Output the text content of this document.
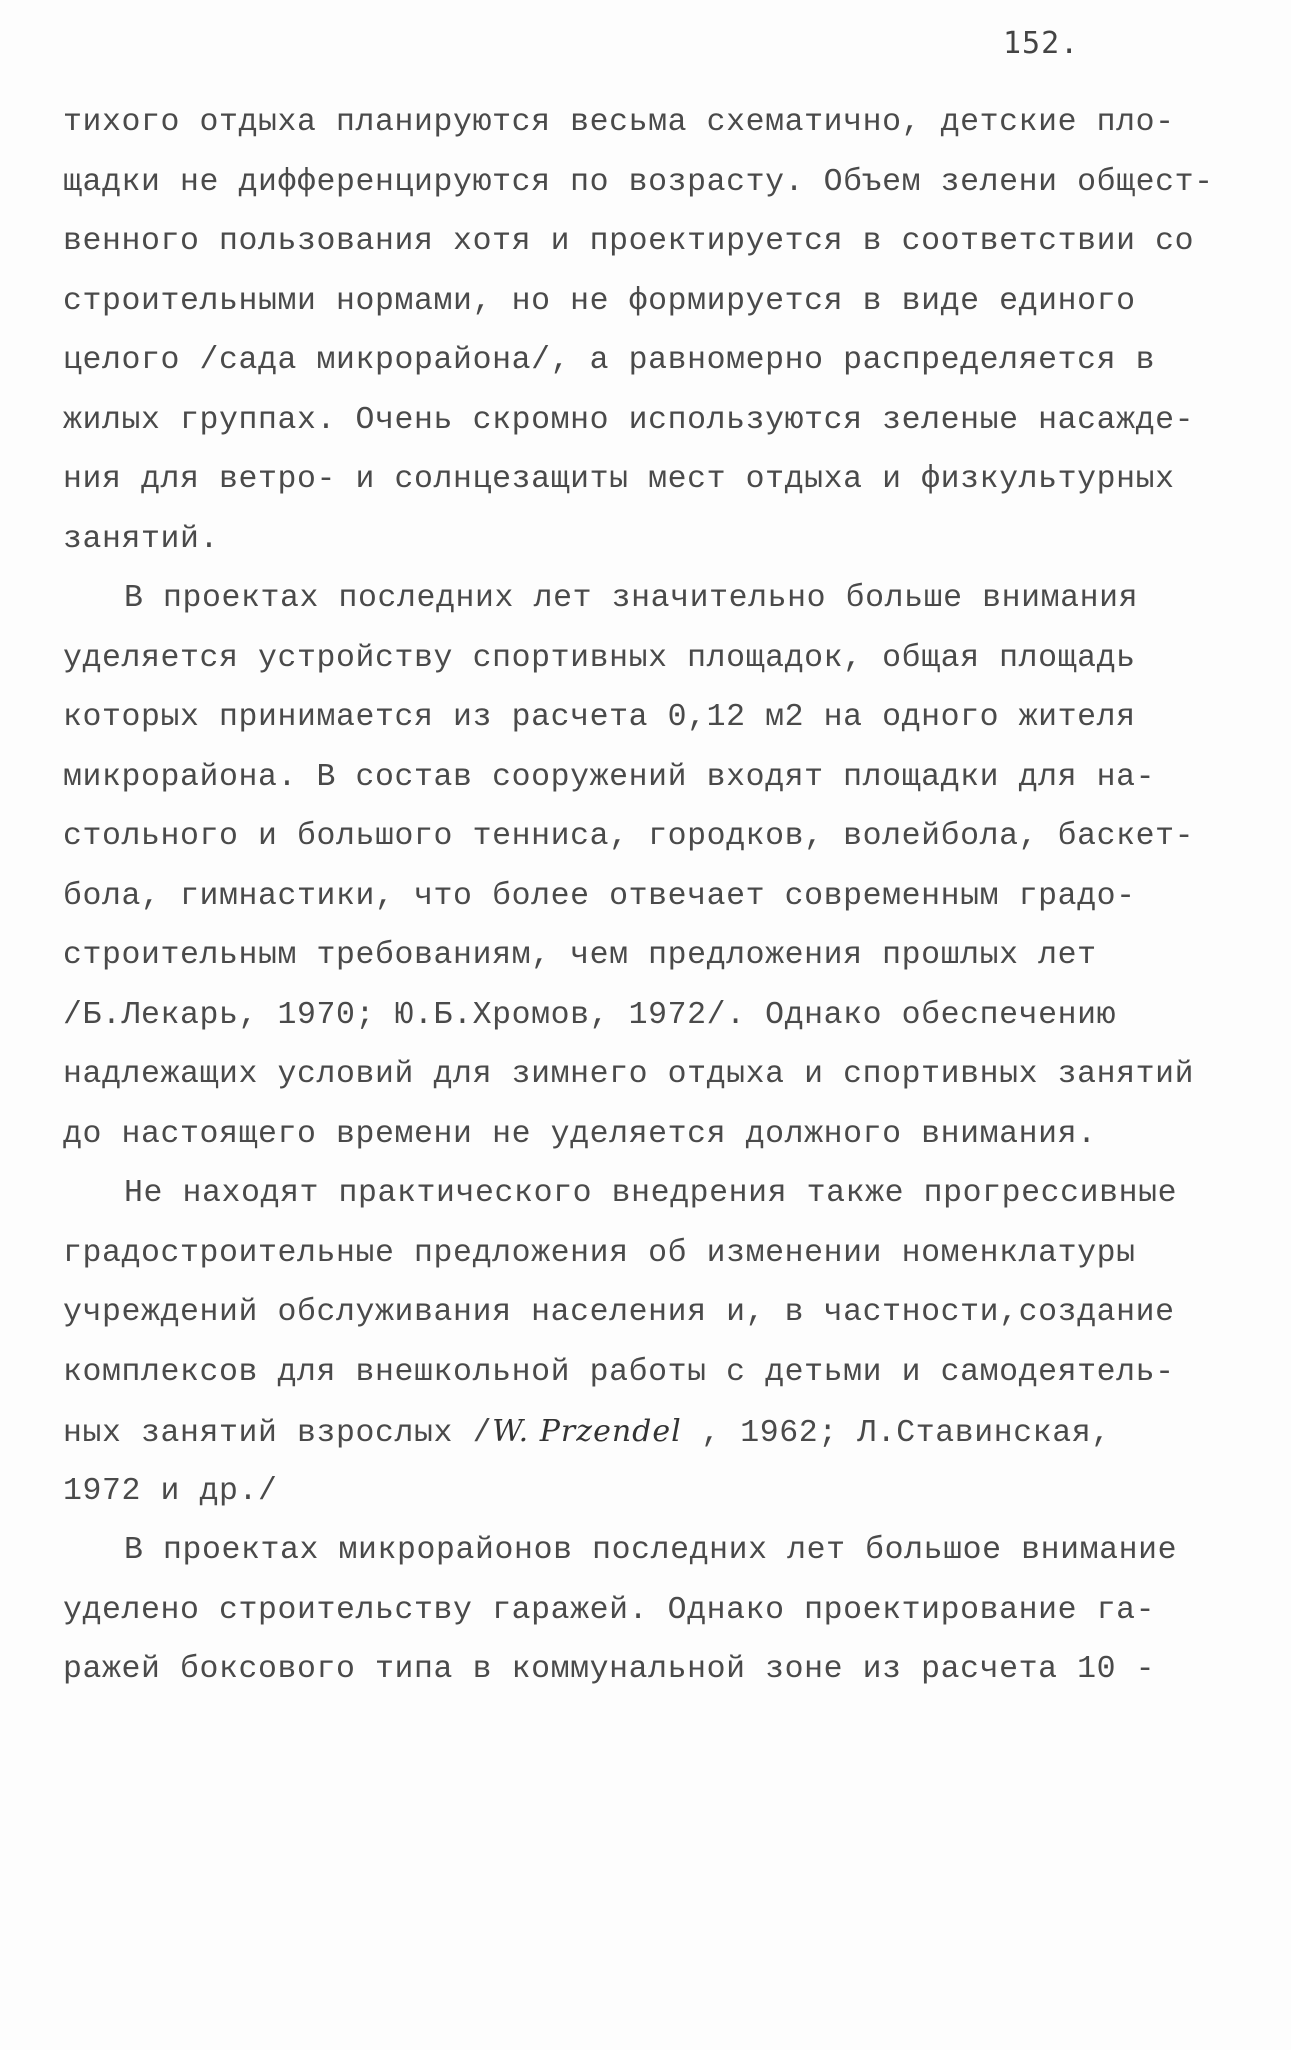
152.
тихого отдыха планируются весьма схематично, детские пло-
щадки не дифференцируются по возрасту. Объем зелени общест-
венного пользования хотя и проектируется в соответствии со
строительными нормами, но не формируется в виде единого
целого /сада микрорайона/, а равномерно распределяется в
жилых группах. Очень скромно используются зеленые насажде-
ния для ветро- и солнцезащиты мест отдыха и физкультурных
занятий.
В проектах последних лет значительно больше внимания
уделяется устройству спортивных площадок, общая площадь
которых принимается из расчета 0,12 м2 на одного жителя
микрорайона. В состав сооружений входят площадки для на-
стольного и большого тенниса, городков, волейбола, баскет-
бола, гимнастики, что более отвечает современным градо-
строительным требованиям, чем предложения прошлых лет
/Б.Лекарь, 1970; Ю.Б.Хромов, 1972/. Однако обеспечению
надлежащих условий для зимнего отдыха и спортивных занятий
до настоящего времени не уделяется должного внимания.
Не находят практического внедрения также прогрессивные
градостроительные предложения об изменении номенклатуры
учреждений обслуживания населения и, в частности,создание
комплексов для внешкольной работы с детьми и самодеятель-
ных занятий взрослых /W. Przendel , 1962; Л.Ставинская,
1972 и др./
В проектах микрорайонов последних лет большое внимание
уделено строительству гаражей. Однако проектирование га-
ражей боксового типа в коммунальной зоне из расчета 10 -
